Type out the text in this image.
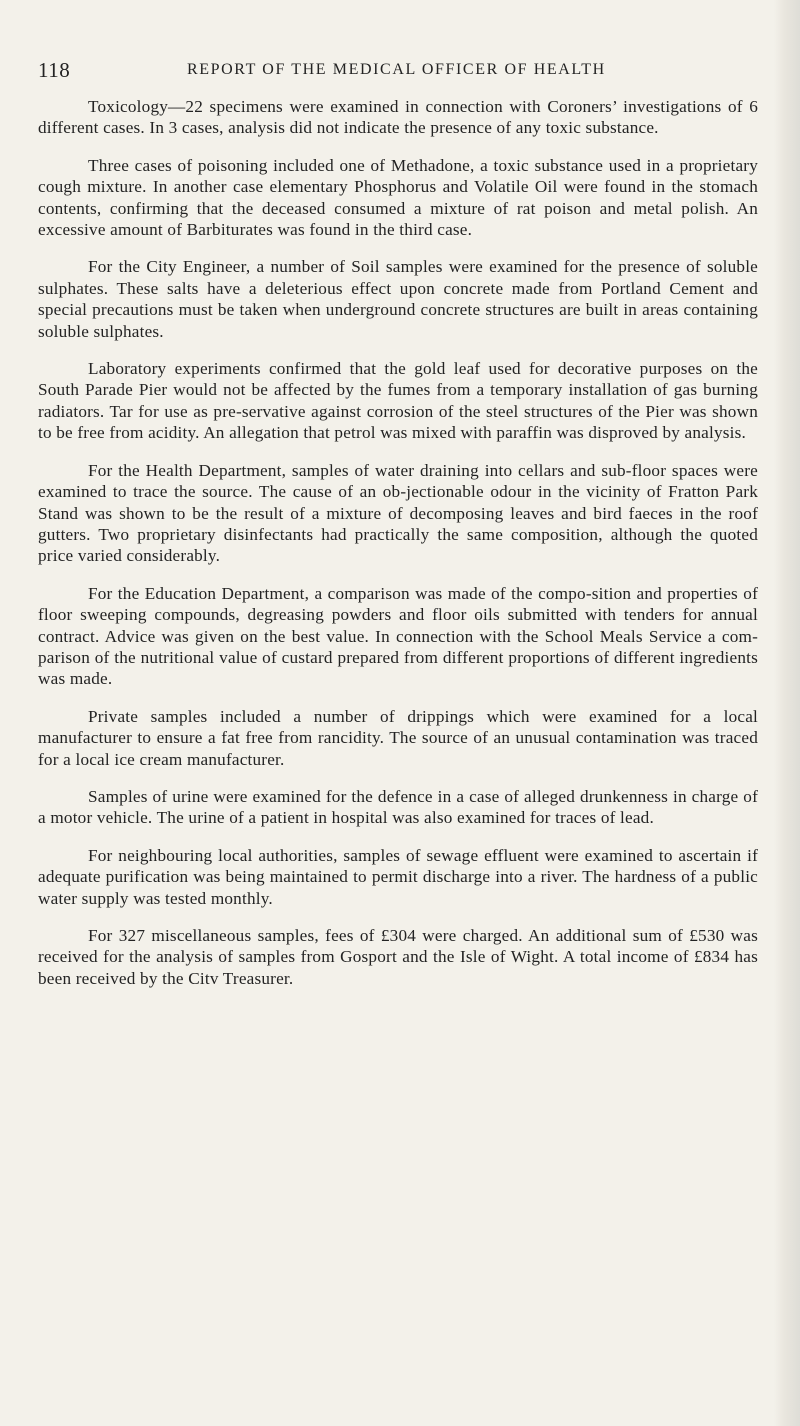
118	REPORT OF THE MEDICAL OFFICER OF HEALTH

Toxicology—22 specimens were examined in connection with Coroners’ investigations of 6 different cases. In 3 cases, analysis did not indicate the presence of any toxic substance.

Three cases of poisoning included one of Methadone, a toxic substance used in a proprietary cough mixture. In another case elementary Phosphorus and Volatile Oil were found in the stomach contents, confirming that the deceased consumed a mixture of rat poison and metal polish. An excessive amount of Barbiturates was found in the third case.

For the City Engineer, a number of Soil samples were examined for the presence of soluble sulphates. These salts have a deleterious effect upon concrete made from Portland Cement and special precautions must be taken when underground concrete structures are built in areas containing soluble sulphates.

Laboratory experiments confirmed that the gold leaf used for decorative purposes on the South Parade Pier would not be affected by the fumes from a temporary installation of gas burning radiators. Tar for use as pre-servative against corrosion of the steel structures of the Pier was shown to be free from acidity. An allegation that petrol was mixed with paraffin was disproved by analysis.

For the Health Department, samples of water draining into cellars and sub-floor spaces were examined to trace the source. The cause of an ob-jectionable odour in the vicinity of Fratton Park Stand was shown to be the result of a mixture of decomposing leaves and bird faeces in the roof gutters. Two proprietary disinfectants had practically the same composition, although the quoted price varied considerably.

For the Education Department, a comparison was made of the compo-sition and properties of floor sweeping compounds, degreasing powders and floor oils submitted with tenders for annual contract. Advice was given on the best value. In connection with the School Meals Service a com-parison of the nutritional value of custard prepared from different proportions of different ingredients was made.

Private samples included a number of drippings which were examined for a local manufacturer to ensure a fat free from rancidity. The source of an unusual contamination was traced for a local ice cream manufacturer.

Samples of urine were examined for the defence in a case of alleged drunkenness in charge of a motor vehicle. The urine of a patient in hospital was also examined for traces of lead.

For neighbouring local authorities, samples of sewage effluent were examined to ascertain if adequate purification was being maintained to permit discharge into a river. The hardness of a public water supply was tested monthly.

For 327 miscellaneous samples, fees of £304 were charged. An additional sum of £530 was received for the analysis of samples from Gosport and the Isle of Wight. A total income of £834 has been received by the Citv Treasurer.
